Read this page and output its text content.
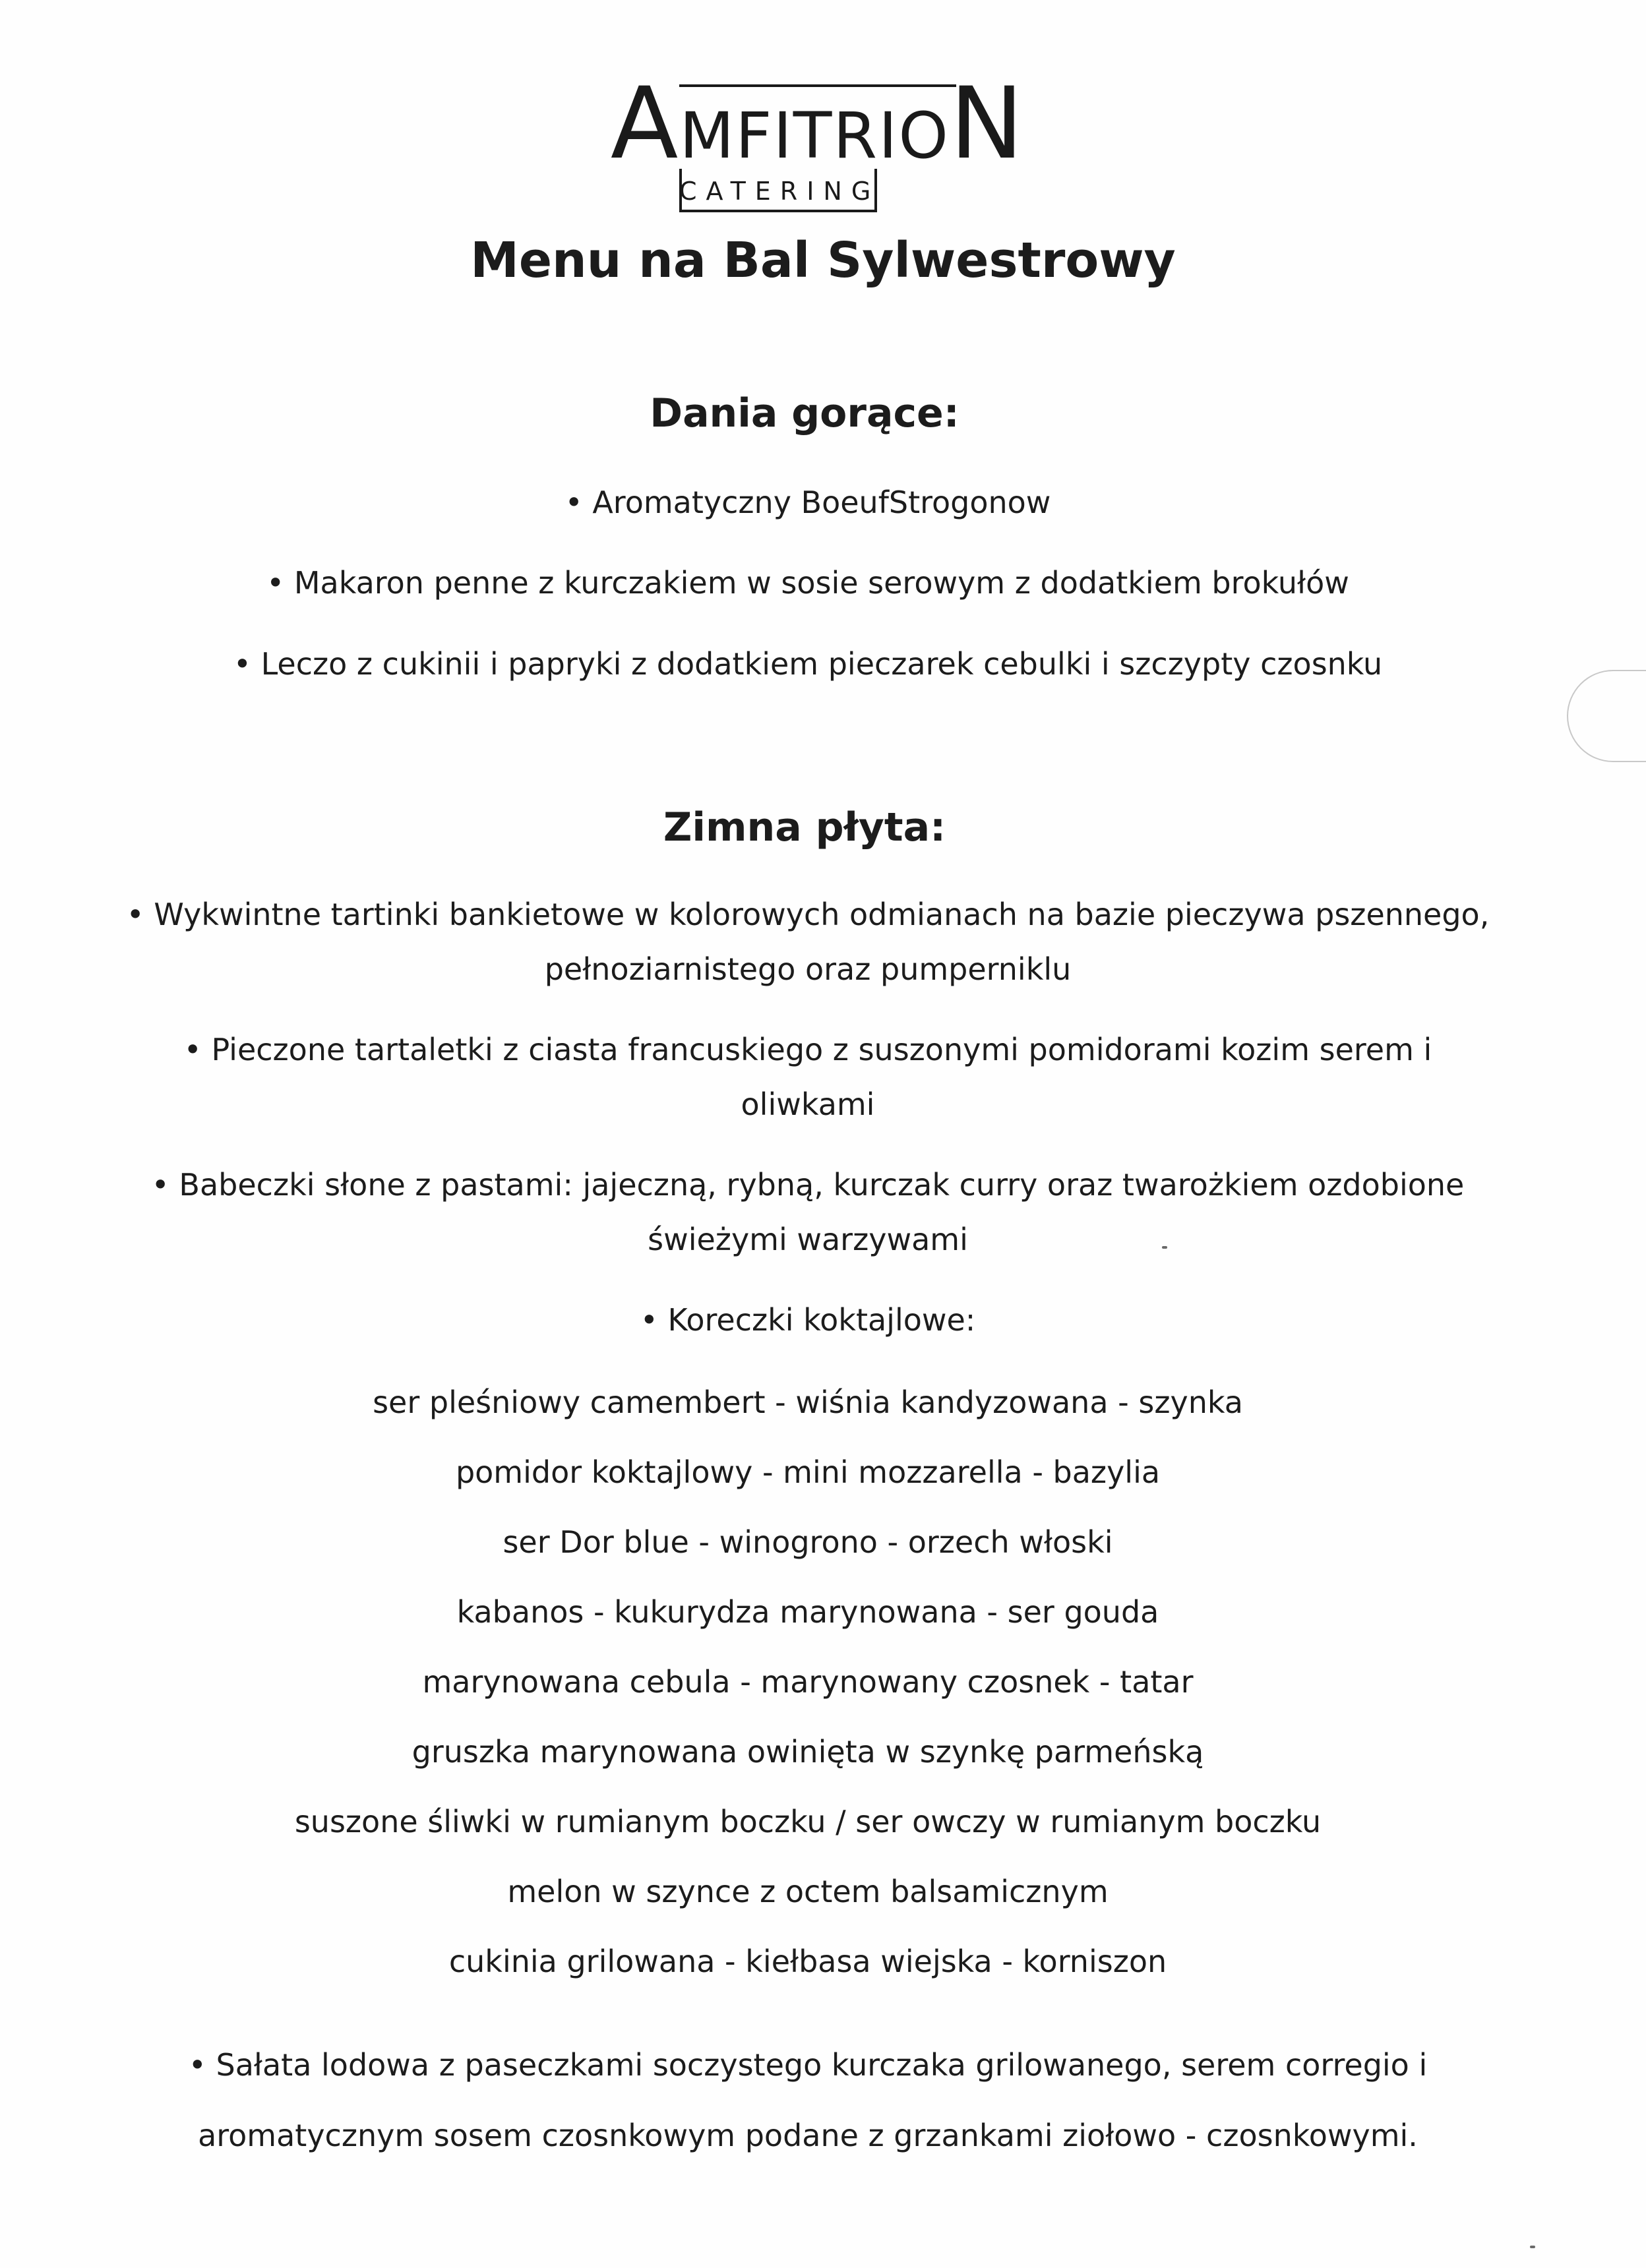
AMFITRION
CATERING
Menu na Bal Sylwestrowy
Dania gorące:
• Aromatyczny BoeufStrogonow
• Makaron penne z kurczakiem w sosie serowym z dodatkiem brokułów
• Leczo z cukinii i papryki z dodatkiem pieczarek cebulki i szczypty czosnku
Zimna płyta:
• Wykwintne tartinki bankietowe w kolorowych odmianach na bazie pieczywa pszennego,
pełnoziarnistego oraz pumperniklu
• Pieczone tartaletki z ciasta francuskiego z suszonymi pomidorami kozim serem i
oliwkami
• Babeczki słone z pastami: jajeczną, rybną, kurczak curry oraz twarożkiem ozdobione
świeżymi warzywami
• Koreczki koktajlowe:
ser pleśniowy camembert - wiśnia kandyzowana - szynka
pomidor koktajlowy - mini mozzarella - bazylia
ser Dor blue - winogrono - orzech włoski
kabanos - kukurydza marynowana - ser gouda
marynowana cebula - marynowany czosnek - tatar
gruszka marynowana owinięta w szynkę parmeńską
suszone śliwki w rumianym boczku / ser owczy w rumianym boczku
melon w szynce z octem balsamicznym
cukinia grilowana - kiełbasa wiejska - korniszon
• Sałata lodowa z paseczkami soczystego kurczaka grilowanego, serem corregio i
aromatycznym sosem czosnkowym podane z grzankami ziołowo - czosnkowymi.
